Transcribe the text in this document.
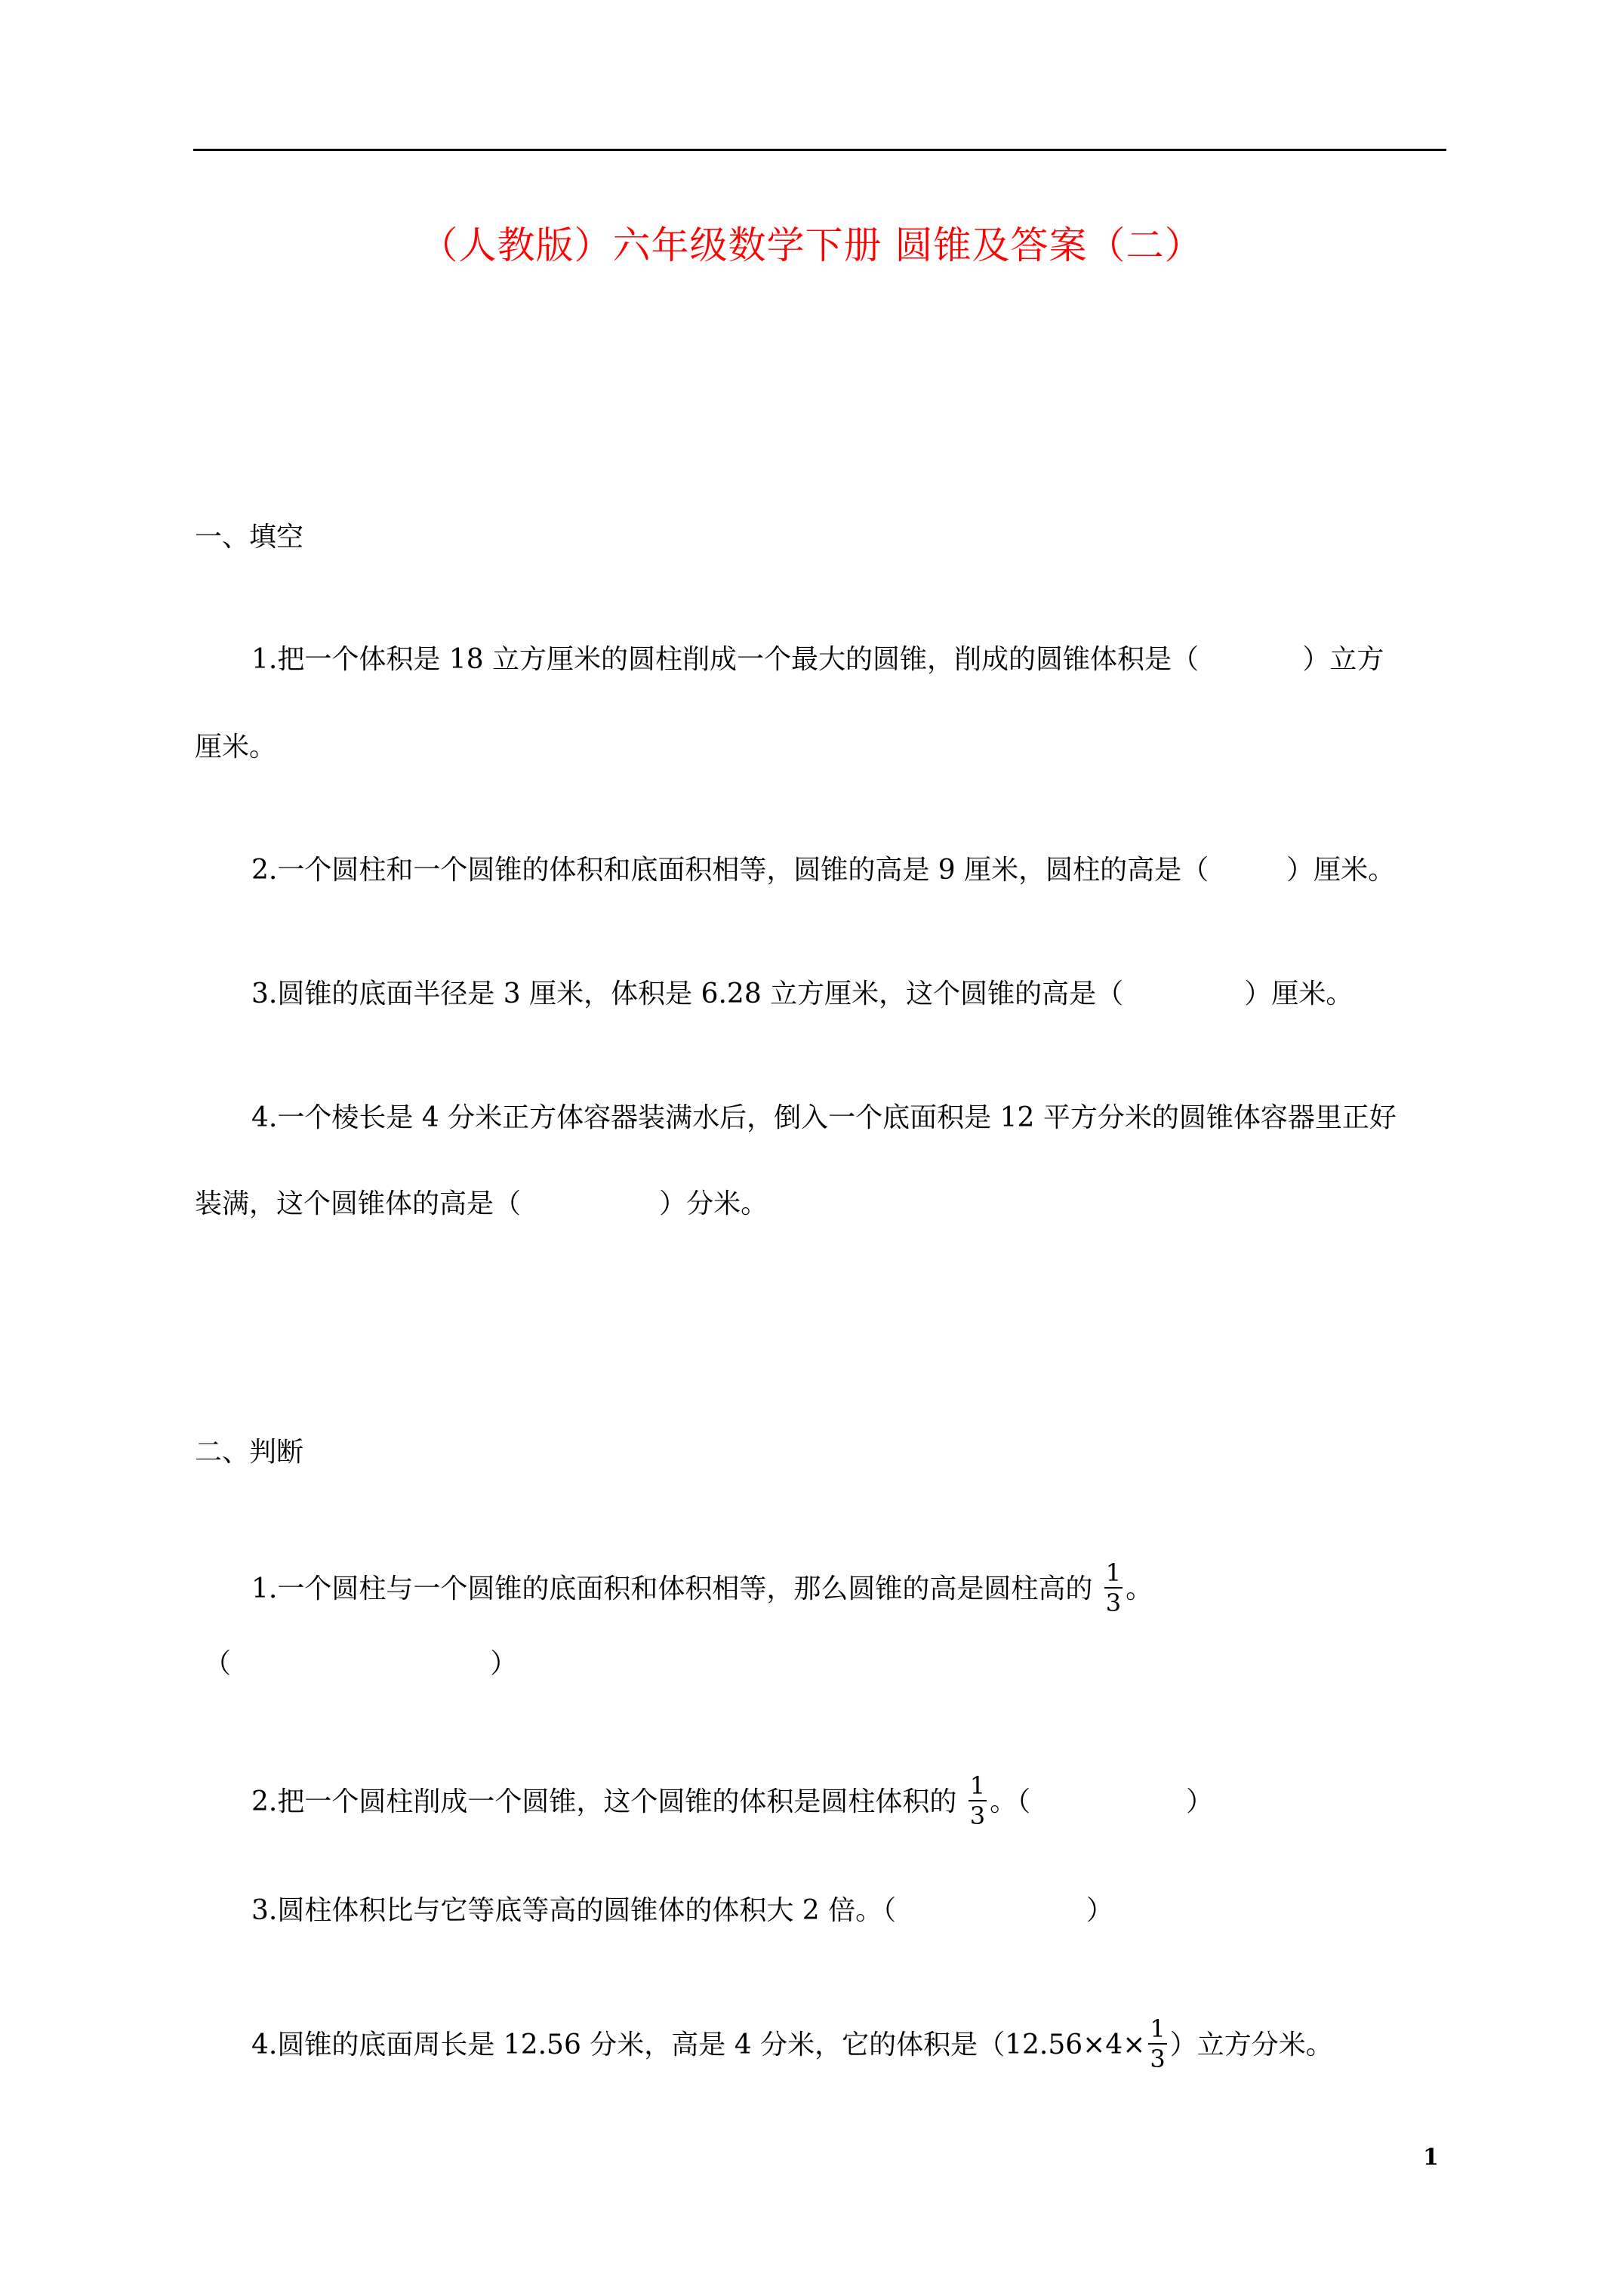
（人教版）六年级数学下册 圆锥及答案（二）
一、填空
1.把一个体积是 18 立方厘米的圆柱削成一个最大的圆锥，削成的圆锥体积是（            ）立方
厘米。
2.一个圆柱和一个圆锥的体积和底面积相等，圆锥的高是 9 厘米，圆柱的高是（         ）厘米。
3.圆锥的底面半径是 3 厘米，体积是 6.28 立方厘米，这个圆锥的高是（              ）厘米。
4.一个棱长是 4 分米正方体容器装满水后，倒入一个底面积是 12 平方分米的圆锥体容器里正好
装满，这个圆锥体的高是（                ）分米。
二、判断
1.一个圆柱与一个圆锥的底面积和体积相等，那么圆锥的高是圆柱高的 $\frac{1}{3}$ 。
（                              ）
2.把一个圆柱削成一个圆锥，这个圆锥的体积是圆柱体积的 $\frac{1}{3}$ 。（                  ）
3.圆柱体积比与它等底等高的圆锥体的体积大 2 倍。（                      ）
4.圆锥的底面周长是 12.56 分米，高是 4 分米，它的体积是（$12.56\times 4\times \frac{1}{3}$ ）立方分米。
1
